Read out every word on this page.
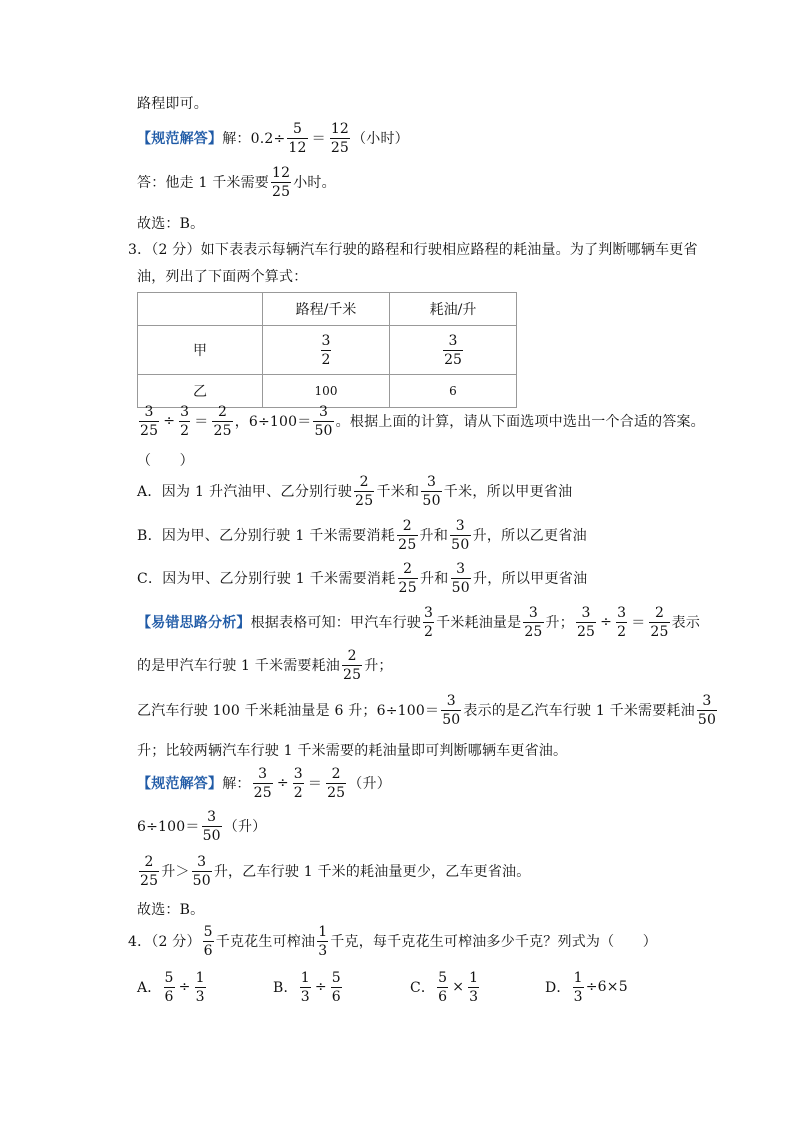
路程即可。
【规范解答】 解：$0.2\div \frac{5}{12} = \frac{12}{25}$ （小时）
答：他走 1 千米需要 $\frac{12}{25}$ 小时。
故选：B。
3．（2 分）如下表表示每辆汽车行驶的路程和行驶相应路程的耗油量。为了判断哪辆车更省
油，列出了下面两个算式：
	路程/千米	耗油/升
甲	$\frac{3}{2}$	$\frac{3}{25}$

乙	100	6
$\frac{3}{25} \div \frac{3}{2} = \frac{2}{25}$ ，$6\div 100= \frac{3}{50}$ 。根据上面的计算，请从下面选项中选出一个合适的答案。
（　　）
A．因为 1 升汽油甲、乙分别行驶 $\frac{2}{25}$ 千米和 $\frac{3}{50}$ 千米，所以甲更省油
B．因为甲、乙分别行驶 1 千米需要消耗 $\frac{2}{25}$ 升和 $\frac{3}{50}$ 升，所以乙更省油
C．因为甲、乙分别行驶 1 千米需要消耗 $\frac{2}{25}$ 升和 $\frac{3}{50}$ 升，所以甲更省油
【易错思路分析】 根据表格可知：甲汽车行驶 $\frac{3}{2}$ 千米耗油量是 $\frac{3}{25}$ 升； $\frac{3}{25} \div \frac{3}{2} = \frac{2}{25}$ 表示
的是甲汽车行驶 1 千米需要耗油 $\frac{2}{25}$ 升；
乙汽车行驶 100 千米耗油量是 6 升；$6\div 100= \frac{3}{50}$ 表示的是乙汽车行驶 1 千米需要耗油 $\frac{3}{50}$
升；比较两辆汽车行驶 1 千米需要的耗油量即可判断哪辆车更省油。
【规范解答】 解： $\frac{3}{25} \div \frac{3}{2} = \frac{2}{25}$ （升）
$6\div 100= \frac{3}{50}$ （升）
$\frac{2}{25}$ 升＞ $\frac{3}{50}$ 升，乙车行驶 1 千米的耗油量更少，乙车更省油。
故选：B。
4．（2 分） $\frac{5}{6}$ 千克花生可榨油 $\frac{1}{3}$ 千克，每千克花生可榨油多少千克？列式为（　　）
A． $\frac{5}{6} \div \frac{1}{3}$	B． $\frac{1}{3} \div \frac{5}{6}$	C． $\frac{5}{6} \times \frac{1}{3}$	D． $\frac{1}{3} \div 6\times 5$
